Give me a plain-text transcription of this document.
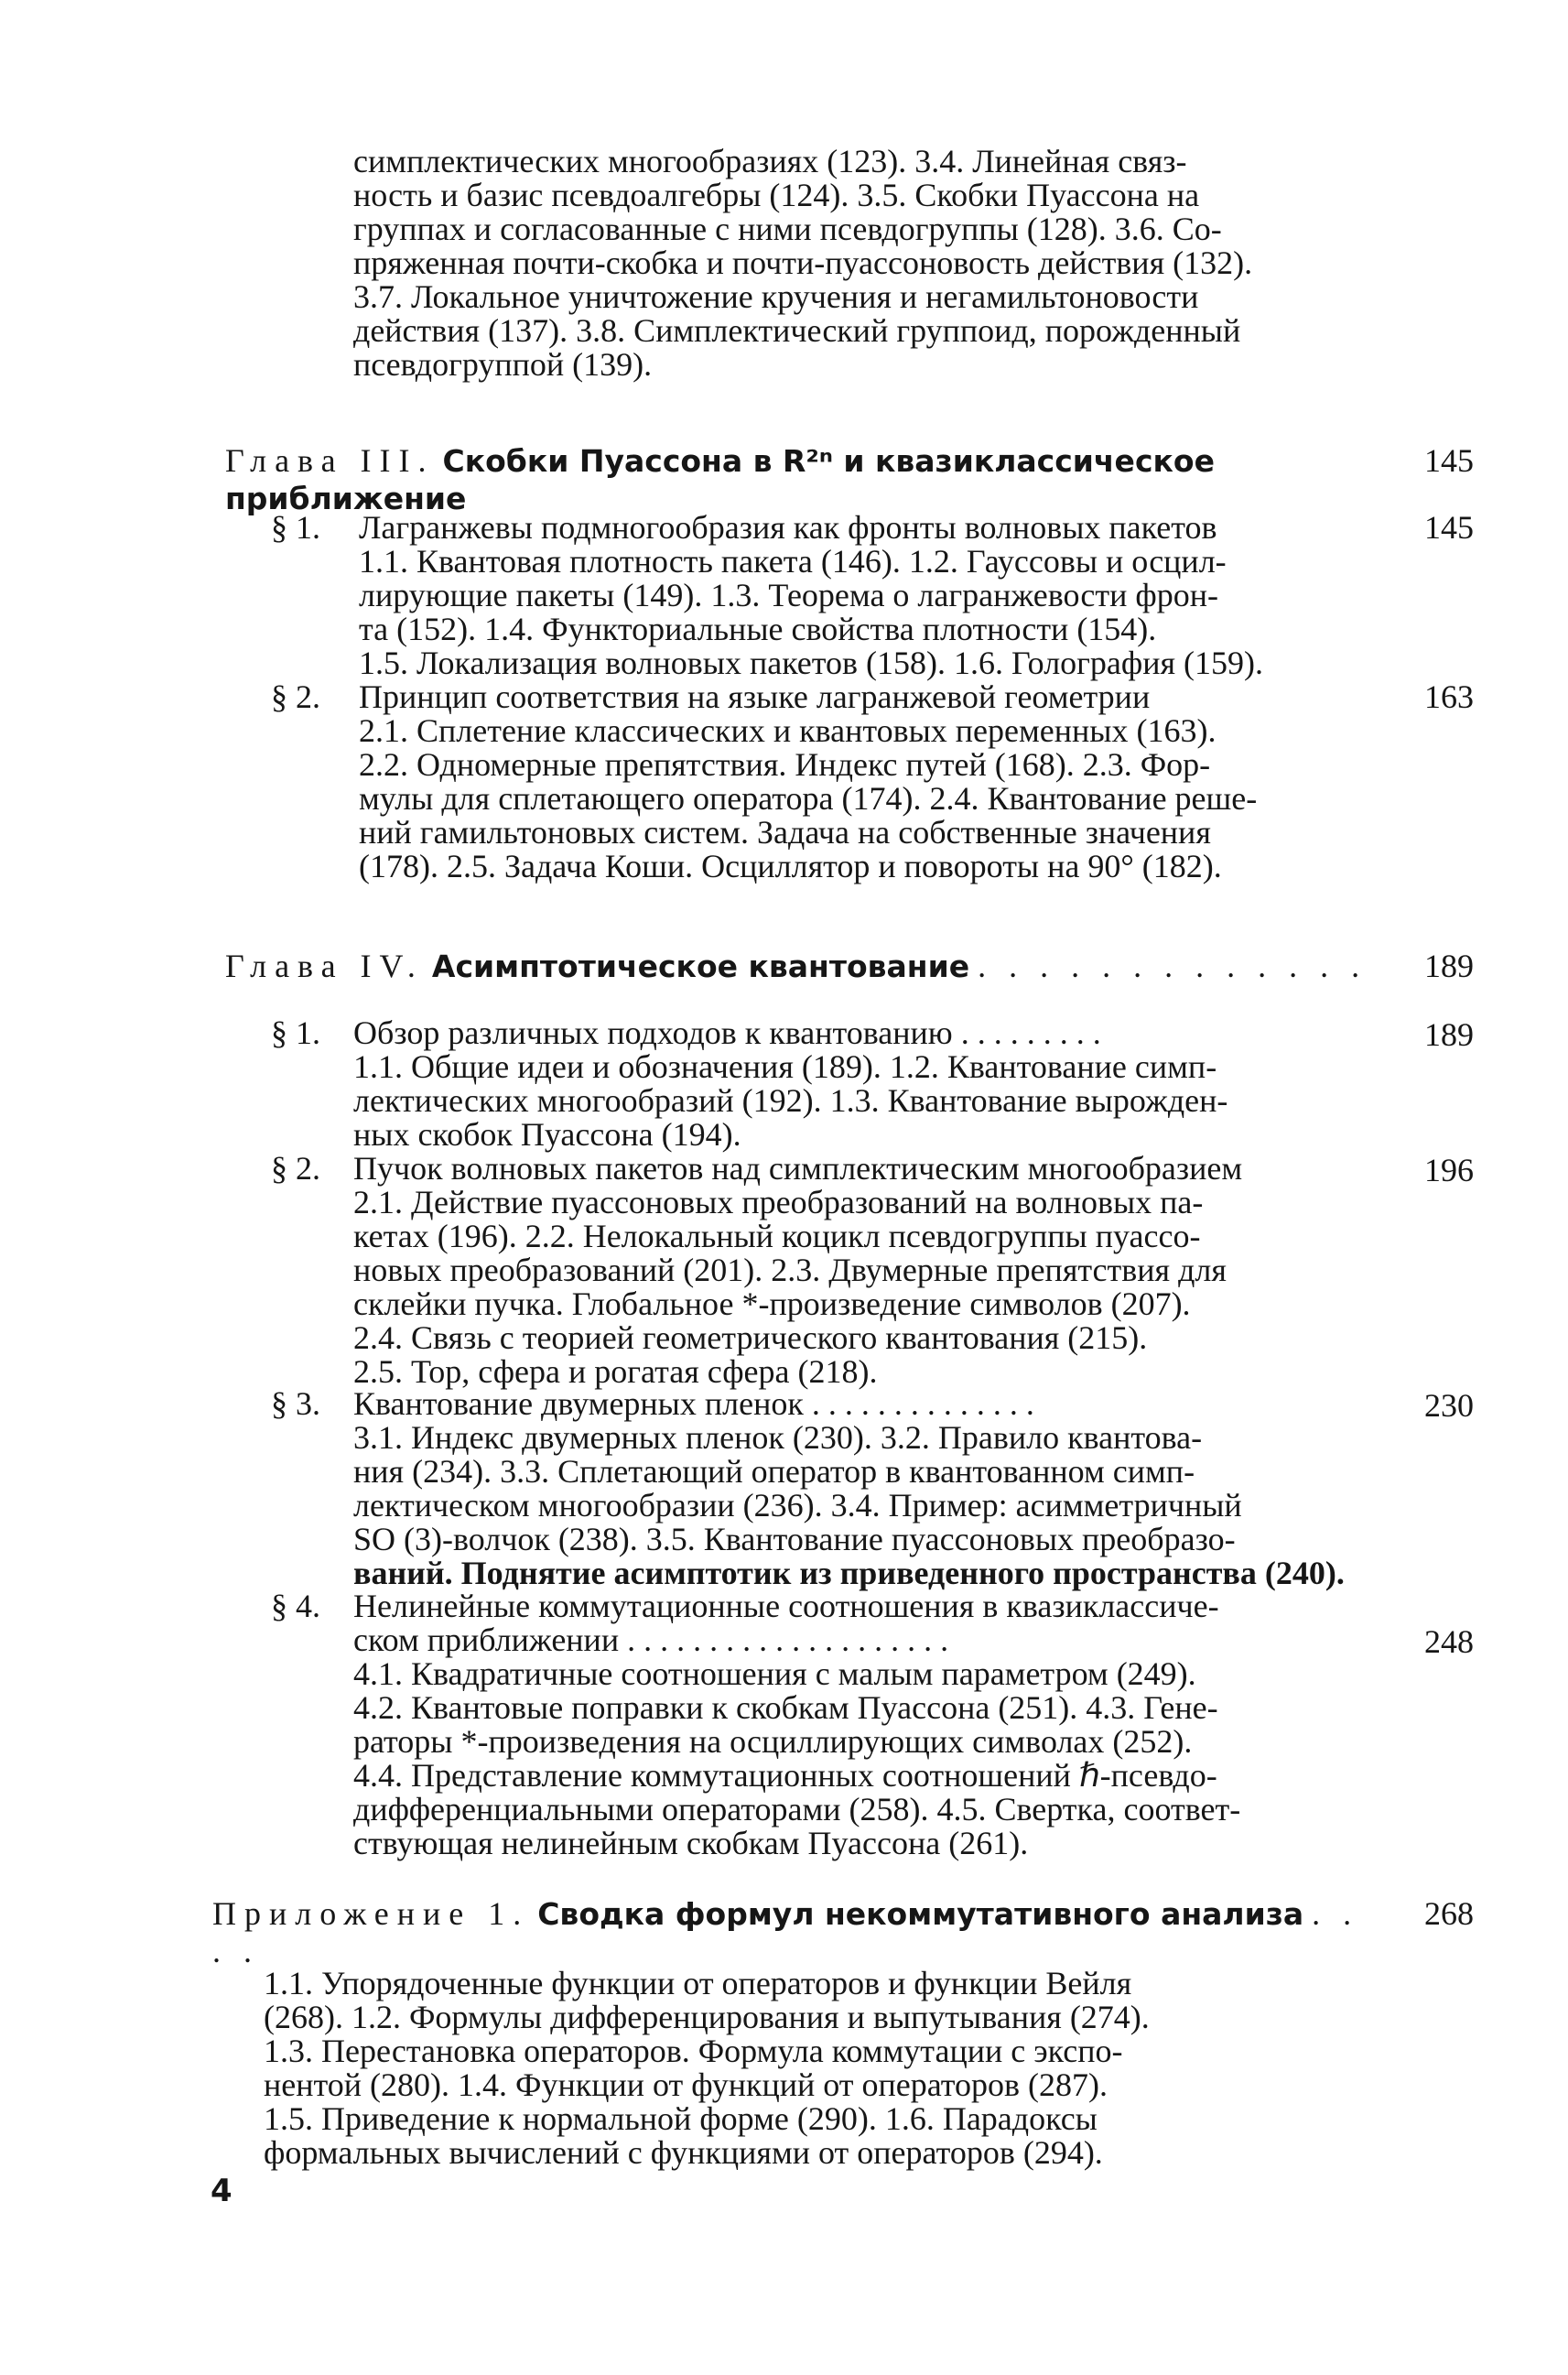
симплектических многообразиях (123). 3.4. Линейная связ-
ность и базис псевдоалгебры (124). 3.5. Скобки Пуассона на
группах и согласованные с ними псевдогруппы (128). 3.6. Со-
пряженная почти-скобка и почти-пуассоновость действия (132).
3.7. Локальное уничтожение кручения и негамильтоновости
действия (137). 3.8. Симплектический группоид, порожденный
псевдогруппой (139).
Глава III. Скобки Пуассона в R²ⁿ и квазиклассическое приближение
145
§ 1. Лагранжевы подмногообразия как фронты волновых пакетов
1.1. Квантовая плотность пакета (146). 1.2. Гауссовы и осцил-
лирующие пакеты (149). 1.3. Теорема о лагранжевости фрон-
та (152). 1.4. Функториальные свойства плотности (154).
1.5. Локализация волновых пакетов (158). 1.6. Голография (159).
145
§ 2. Принцип соответствия на языке лагранжевой геометрии
2.1. Сплетение классических и квантовых переменных (163).
2.2. Одномерные препятствия. Индекс путей (168). 2.3. Фор-
мулы для сплетающего оператора (174). 2.4. Квантование реше-
ний гамильтоновых систем. Задача на собственные значения
(178). 2.5. Задача Коши. Осциллятор и повороты на 90° (182).
163
Глава IV. Асимптотическое квантование . . . . . . . . . . . . .	189
§ 1. Обзор различных подходов к квантованию . . . . . . . . .
1.1. Общие идеи и обозначения (189). 1.2. Квантование симп-
лектических многообразий (192). 1.3. Квантование вырожден-
ных скобок Пуассона (194).
189
§ 2. Пучок волновых пакетов над симплектическим многообразием
2.1. Действие пуассоновых преобразований на волновых па-
кетах (196). 2.2. Нелокальный коцикл псевдогруппы пуассо-
новых преобразований (201). 2.3. Двумерные препятствия для
склейки пучка. Глобальное *-произведение символов (207).
2.4. Связь с теорией геометрического квантования (215).
2.5. Тор, сфера и рогатая сфера (218).
196
§ 3. Квантование двумерных пленок . . . . . . . . . . . . . .
3.1. Индекс двумерных пленок (230). 3.2. Правило квантова-
ния (234). 3.3. Сплетающий оператор в квантованном симп-
лектическом многообразии (236). 3.4. Пример: асимметричный
SO (3)-волчок (238). 3.5. Квантование пуассоновых преобразо-
ваний. Поднятие асимптотик из приведенного пространства (240).
230
§ 4. Нелинейные коммутационные соотношения в квазиклассиче-
ском приближении . . . . . . . . . . . . . . . . . . . .
4.1. Квадратичные соотношения с малым параметром (249).
4.2. Квантовые поправки к скобкам Пуассона (251). 4.3. Гене-
раторы *-произведения на осциллирующих символах (252).
4.4. Представление коммутационных соотношений ℏ-псевдо-
дифференциальными операторами (258). 4.5. Свертка, соответ-
ствующая нелинейным скобкам Пуассона (261).
248
Приложение 1. Сводка формул некоммутативного анализа . . . .
268
1.1. Упорядоченные функции от операторов и функции Вейля
(268). 1.2. Формулы дифференцирования и выпутывания (274).
1.3. Перестановка операторов. Формула коммутации с экспо-
нентой (280). 1.4. Функции от функций от операторов (287).
1.5. Приведение к нормальной форме (290). 1.6. Парадоксы
формальных вычислений с функциями от операторов (294).
4
